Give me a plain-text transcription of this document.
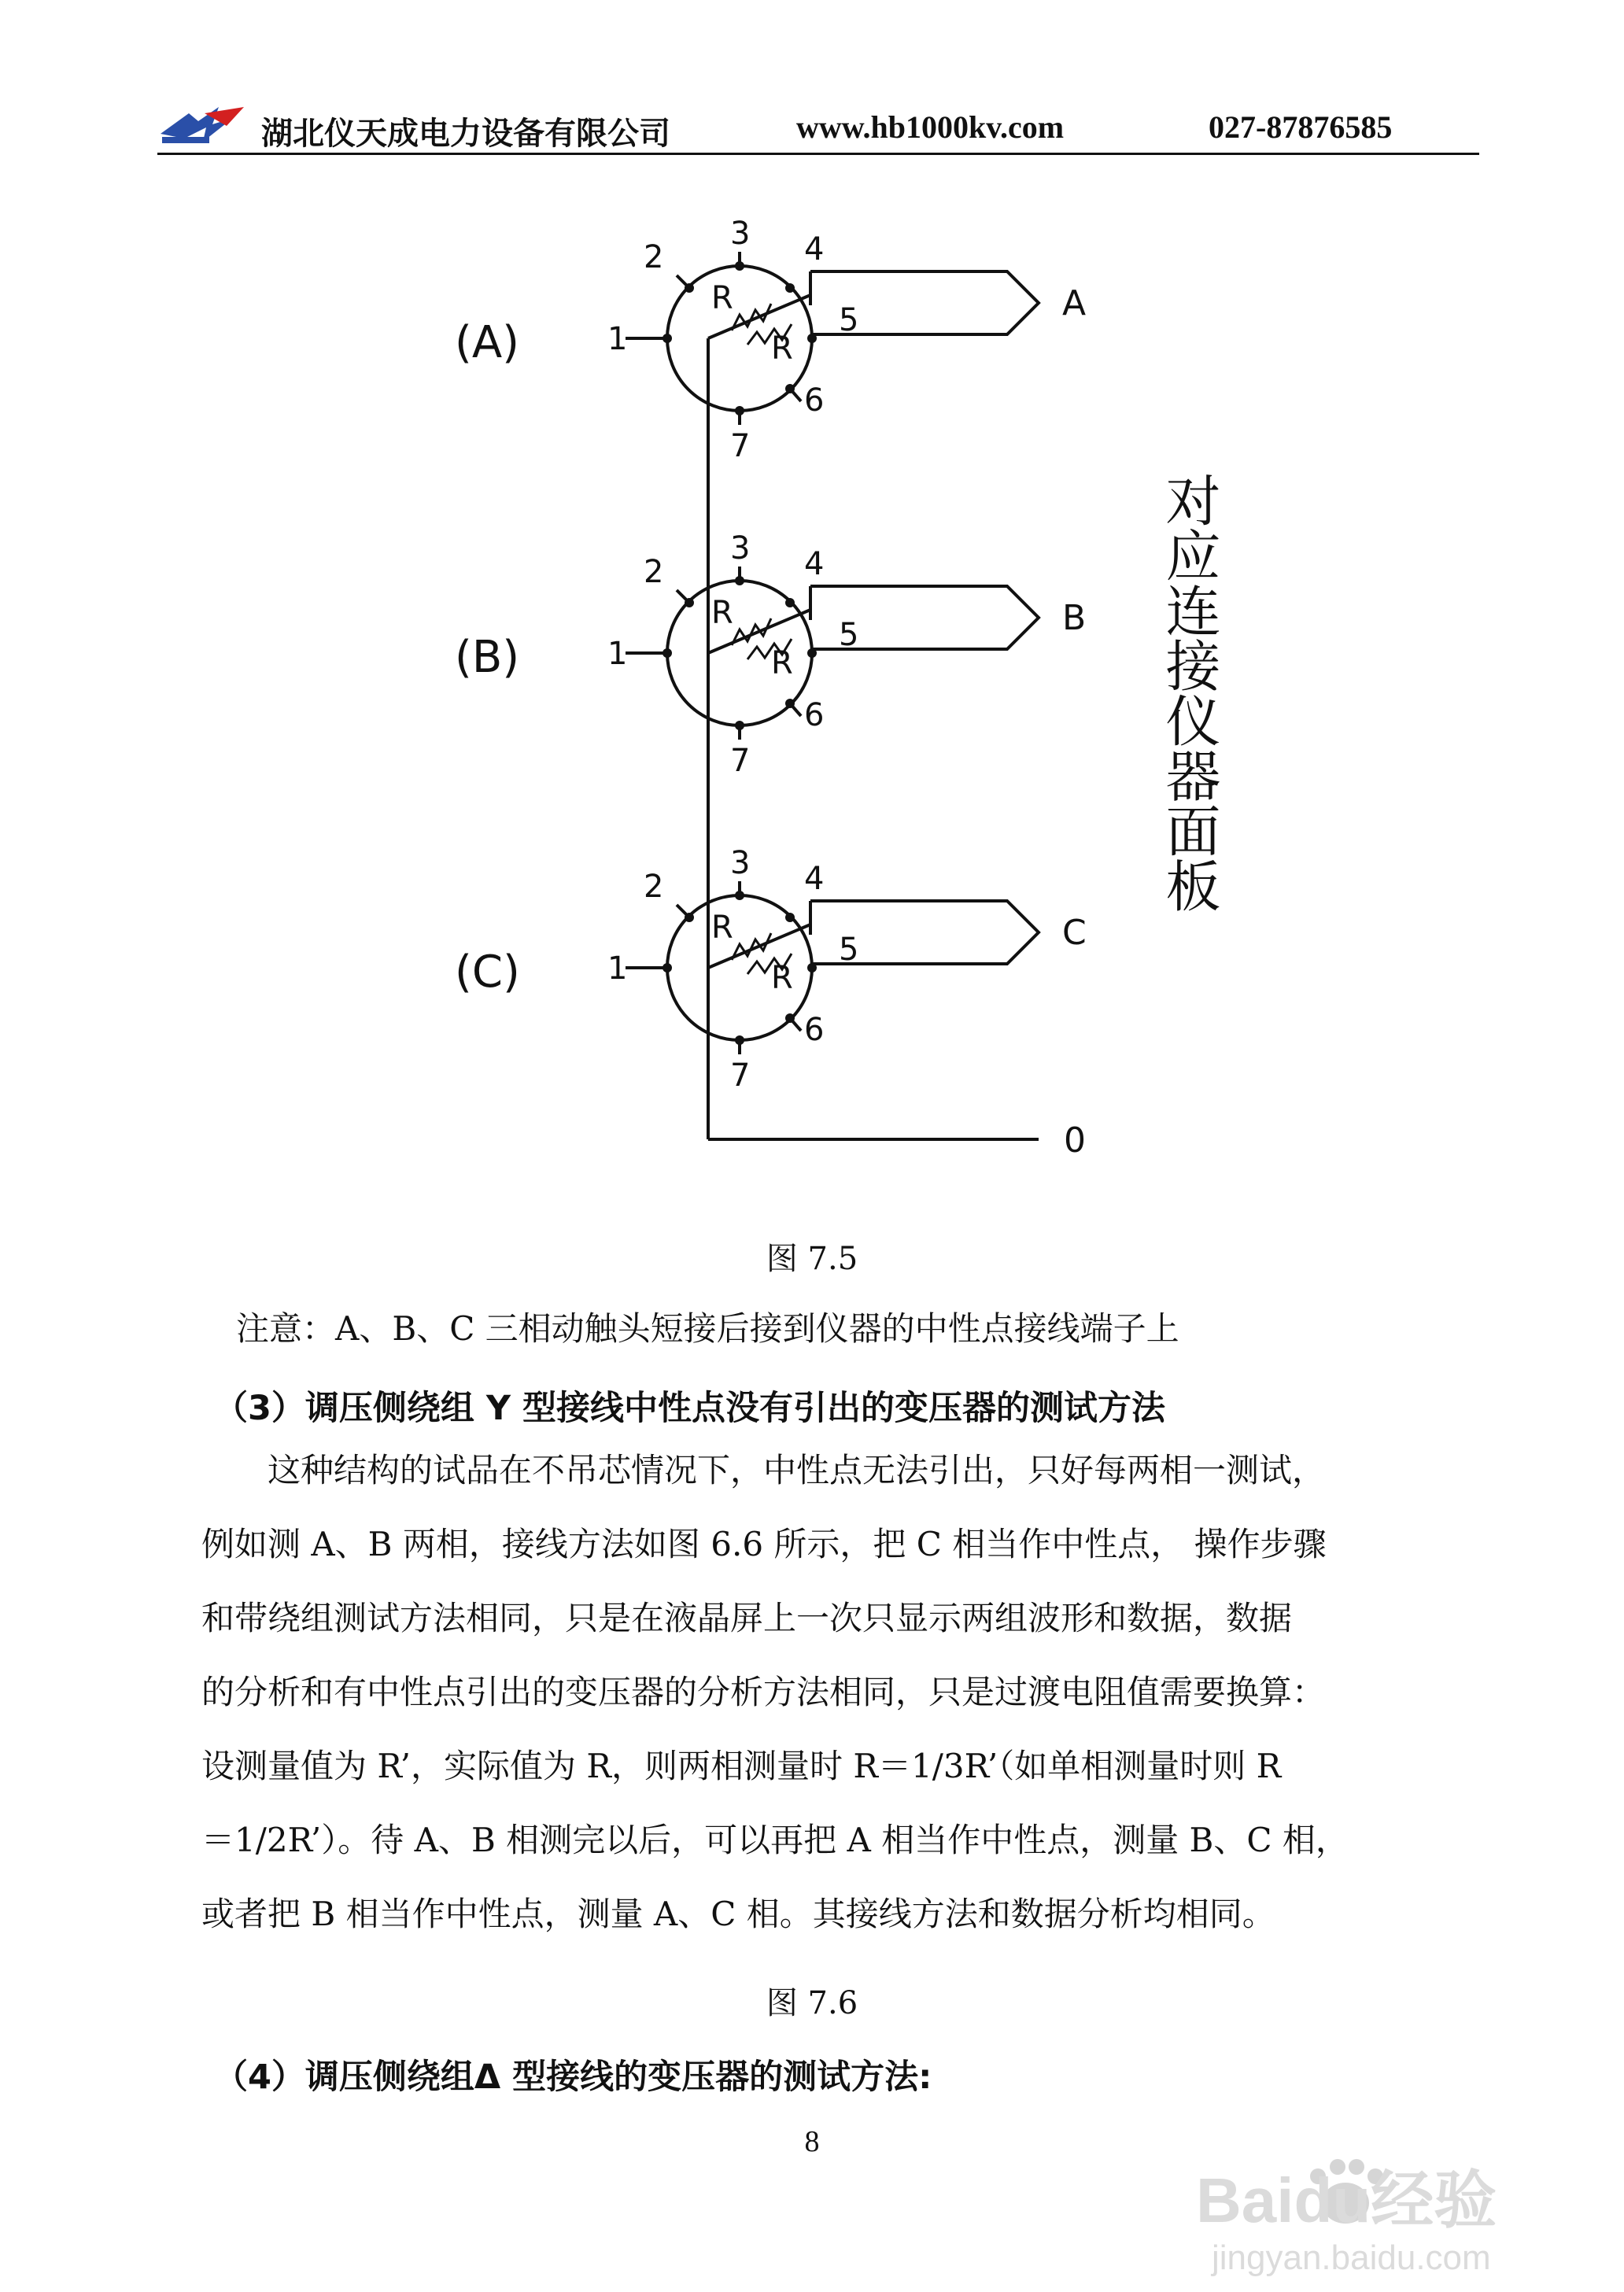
湖北仪天成电力设备有限公司	www.hb1000kv.com	027-87876585
(A)
A
1
2
3 4
5
6
7
R
R
(B)
B
1
2
3 4
5
6
7
R
R
(C)
C
1
2
3 4
5
6
7
R
R
0
对应连接仪器面板
图 7.5
注意：A、B、C 三相动触头短接后接到仪器的中性点接线端子上
（3）调压侧绕组 Y 型接线中性点没有引出的变压器的测试方法
这种结构的试品在不吊芯情况下，中性点无法引出，只好每两相一测试，
例如测 A、B 两相，接线方法如图 6.6 所示，把 C 相当作中性点， 操作步骤
和带绕组测试方法相同，只是在液晶屏上一次只显示两组波形和数据，数据
的分析和有中性点引出的变压器的分析方法相同，只是过渡电阻值需要换算：
设测量值为 R’，实际值为 R，则两相测量时 R＝1/3R’（如单相测量时则 R
＝1/2R’）。待 A、B 相测完以后，可以再把 A 相当作中性点，测量 B、C 相，
或者把 B 相当作中性点，测量 A、C 相。其接线方法和数据分析均相同。
图 7.6
（4）调压侧绕组Δ 型接线的变压器的测试方法:
8
Baidu经验
jingyan.baidu.com
